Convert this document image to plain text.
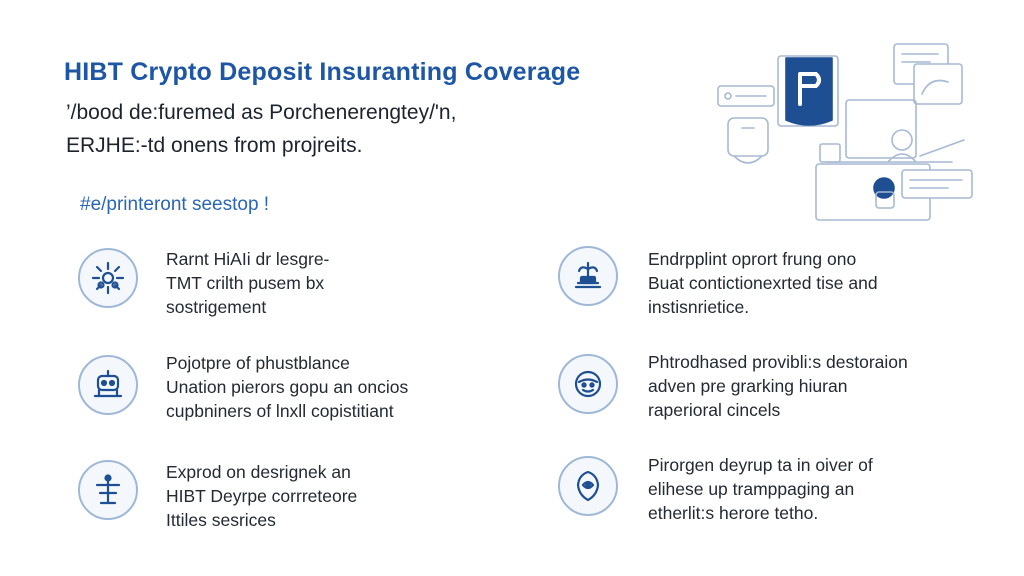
HIBT Crypto Deposit Insuranting Coverage
’/bood de:furemed as Porchenerengtey/'n,
ERJHE:-td onens from projreits.
#e/printeront seestop !
Rarnt HiAIi dr lesgre-
TMT crilth pusem bx
sostrigement
Pojotpre of phustblance
Unation pierors gopu an oncios
cupbniners of lnxll copistitiant
Exprod on desrignek an
HIBT Deyrpe corrreteore
Ittiles sesrices
Endrpplint oprort frung ono
Buat contictionexrted tise and
instisnrietice.
Phtrodhased provibli:s destoraion
adven pre grarking hiuran
raperioral cincels
Pirorgen deyrup ta in oiver of
elihese up tramppaging an
etherlit:s herore tetho.
